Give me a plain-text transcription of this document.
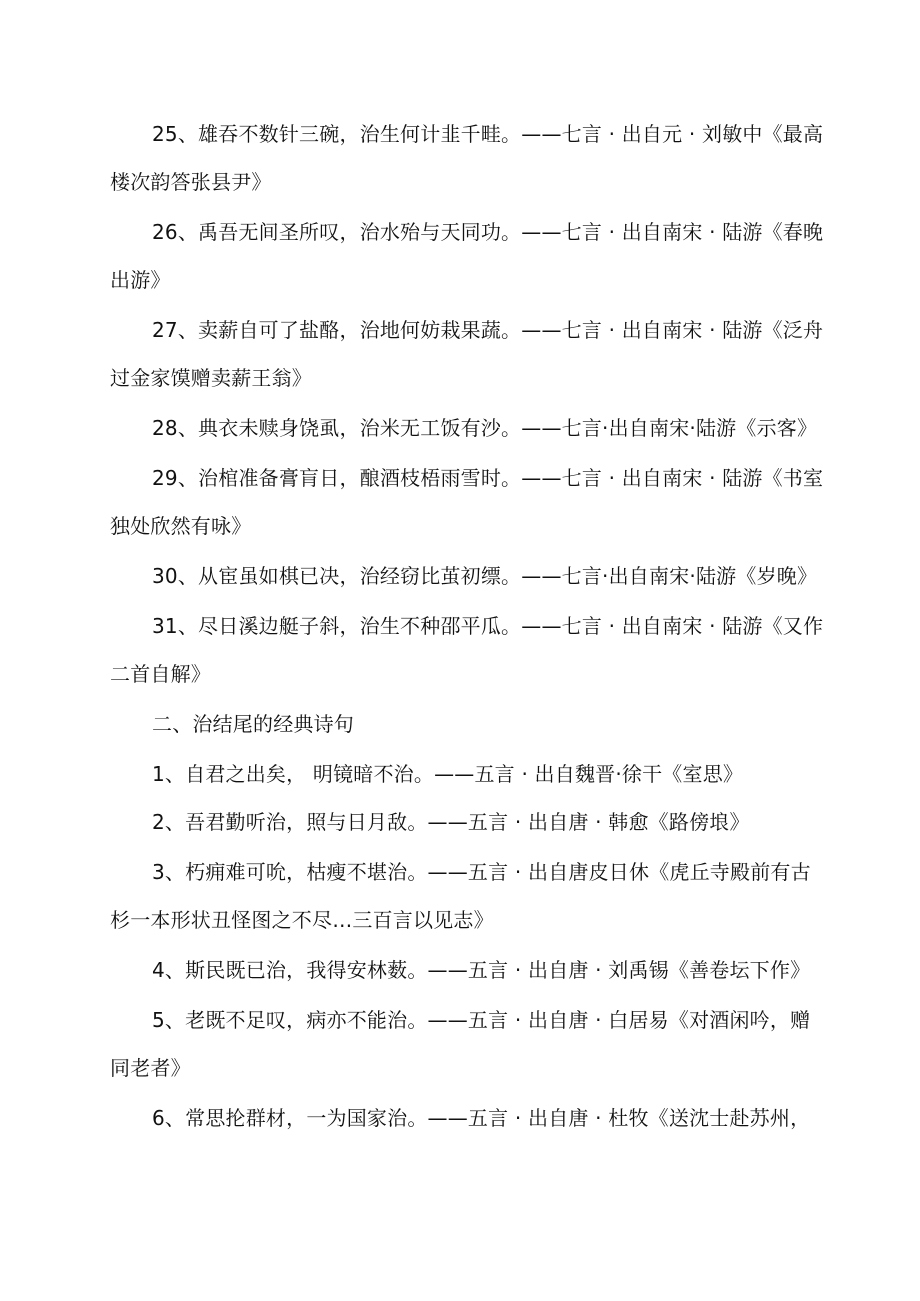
25、雄吞不数针三碗，治生何计韭千畦。——七言 · 出自元 · 刘敏中《最高
楼次韵答张县尹》
26、禹吾无间圣所叹，治水殆与天同功。——七言 · 出自南宋 · 陆游《春晚
出游》
27、卖薪自可了盐酪，治地何妨栽果蔬。——七言 · 出自南宋 · 陆游《泛舟
过金家馍赠卖薪王翁》
28、典衣未赎身饶虱，治米无工饭有沙。——七言·出自南宋·陆游《示客》
29、治棺准备膏肓日，酿酒枝梧雨雪时。——七言 · 出自南宋 · 陆游《书室
独处欣然有咏》
30、从宦虽如棋已决，治经窃比茧初缥。——七言·出自南宋·陆游《岁晚》
31、尽日溪边艇子斜，治生不种邵平瓜。——七言 · 出自南宋 · 陆游《又作
二首自解》
二、治结尾的经典诗句
1、自君之出矣， 明镜暗不治。——五言 · 出自魏晋·徐干《室思》
2、吾君勤听治，照与日月敌。——五言 · 出自唐 · 韩愈《路傍埌》
3、朽痈难可吮，枯瘦不堪治。——五言 · 出自唐皮日休《虎丘寺殿前有古
杉一本形状丑怪图之不尽…三百言以见志》
4、斯民既已治，我得安林薮。——五言 · 出自唐 · 刘禹锡《善卷坛下作》
5、老既不足叹，病亦不能治。——五言 · 出自唐 · 白居易《对酒闲吟，赠
同老者》
6、常思抡群材，一为国家治。——五言 · 出自唐 · 杜牧《送沈士赴苏州，
